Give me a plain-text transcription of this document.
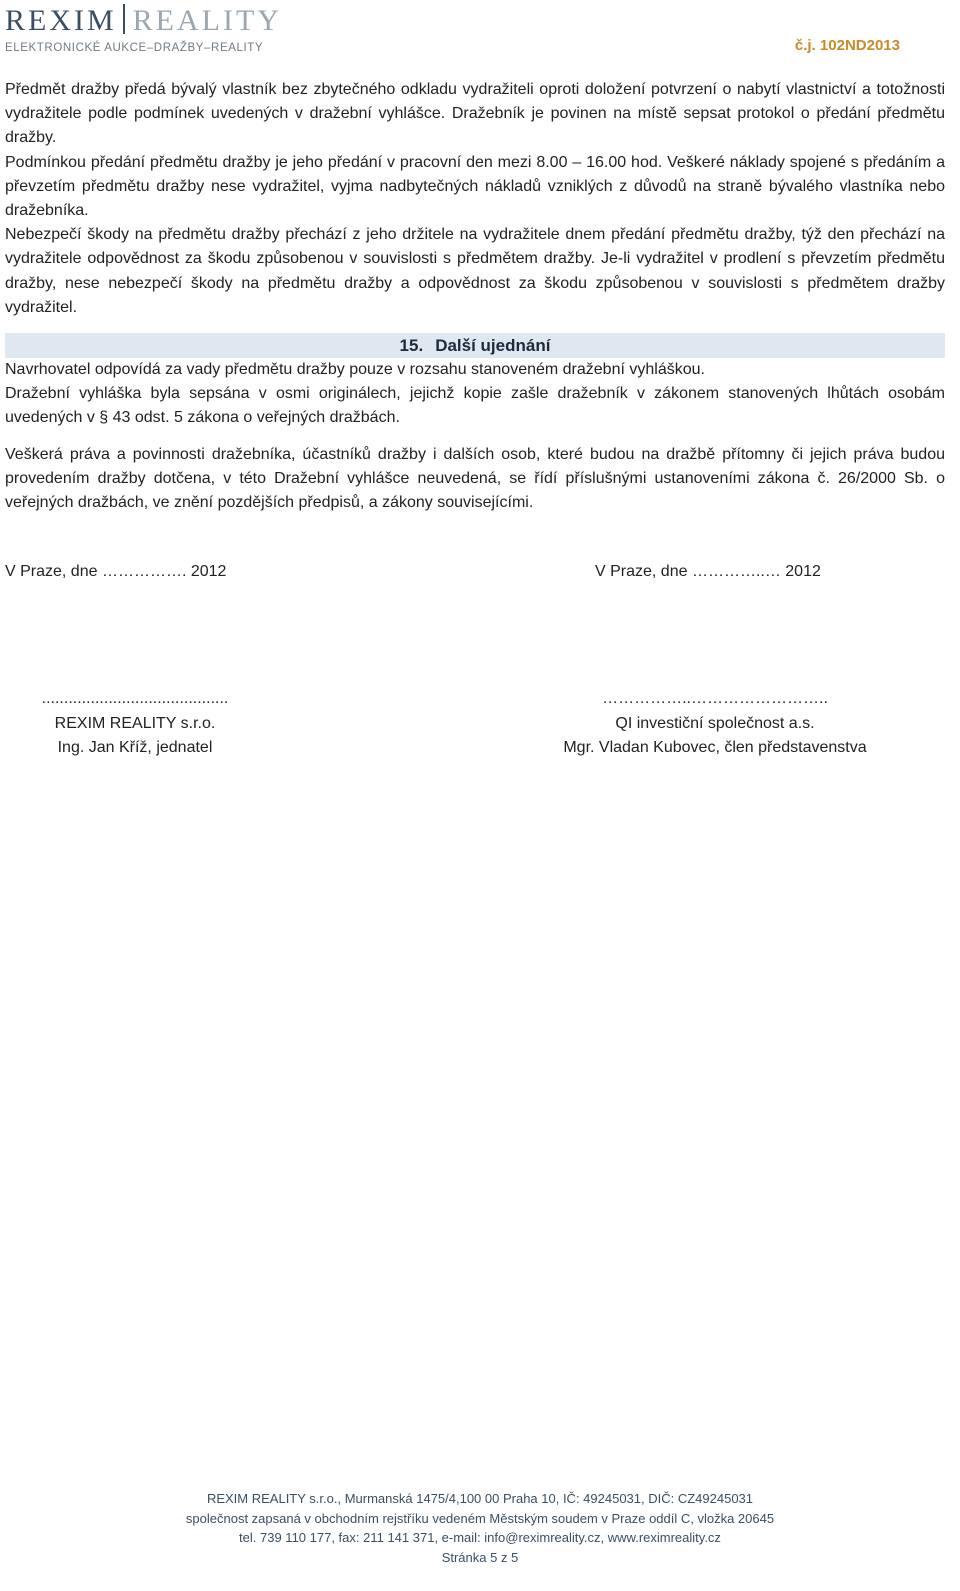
REXIM REALITY
ELEKTRONICKÉ AUKCE–DRAŽBY–REALITY	č.j. 102ND2013

Předmět dražby předá bývalý vlastník bez zbytečného odkladu vydražiteli oproti doložení potvrzení o nabytí vlastnictví a totožnosti vydražitele podle podmínek uvedených v dražební vyhlášce. Dražebník je povinen na místě sepsat protokol o předání předmětu dražby.

Podmínkou předání předmětu dražby je jeho předání v pracovní den mezi 8.00 – 16.00 hod. Veškeré náklady spojené s předáním a převzetím předmětu dražby nese vydražitel, vyjma nadbytečných nákladů vzniklých z důvodů na straně bývalého vlastníka nebo dražebníka.

Nebezpečí škody na předmětu dražby přechází z jeho držitele na vydražitele dnem předání předmětu dražby, týž den přechází na vydražitele odpovědnost za škodu způsobenou v souvislosti s předmětem dražby. Je-li vydražitel v prodlení s převzetím předmětu dražby, nese nebezpečí škody na předmětu dražby a odpovědnost za škodu způsobenou v souvislosti s předmětem dražby vydražitel.

15. Další ujednání

Navrhovatel odpovídá za vady předmětu dražby pouze v rozsahu stanoveném dražební vyhláškou.

Dražební vyhláška byla sepsána v osmi originálech, jejichž kopie zašle dražebník v zákonem stanovených lhůtách osobám uvedených v § 43 odst. 5 zákona o veřejných dražbách.

Veškerá práva a povinnosti dražebníka, účastníků dražby i dalších osob, které budou na dražbě přítomny či jejich práva budou provedením dražby dotčena, v této Dražební vyhlášce neuvedená, se řídí příslušnými ustanoveními zákona č. 26/2000 Sb. o veřejných dražbách, ve znění pozdějších předpisů, a zákony souvisejícími.

V Praze, dne ……………. 2012	V Praze, dne …………..… 2012
..........................................
REXIM REALITY s.r.o.
Ing. Jan Kříž, jednatel
……………..……………………..
QI investiční společnost a.s.
Mgr. Vladan Kubovec, člen představenstva
REXIM REALITY s.r.o., Murmanská 1475/4,100 00 Praha 10, IČ: 49245031, DIČ: CZ49245031
společnost zapsaná v obchodním rejstříku vedeném Městským soudem v Praze oddíl C, vložka 20645
tel. 739 110 177, fax: 211 141 371, e-mail: info@reximreality.cz, www.reximreality.cz
Stránka 5 z 5
